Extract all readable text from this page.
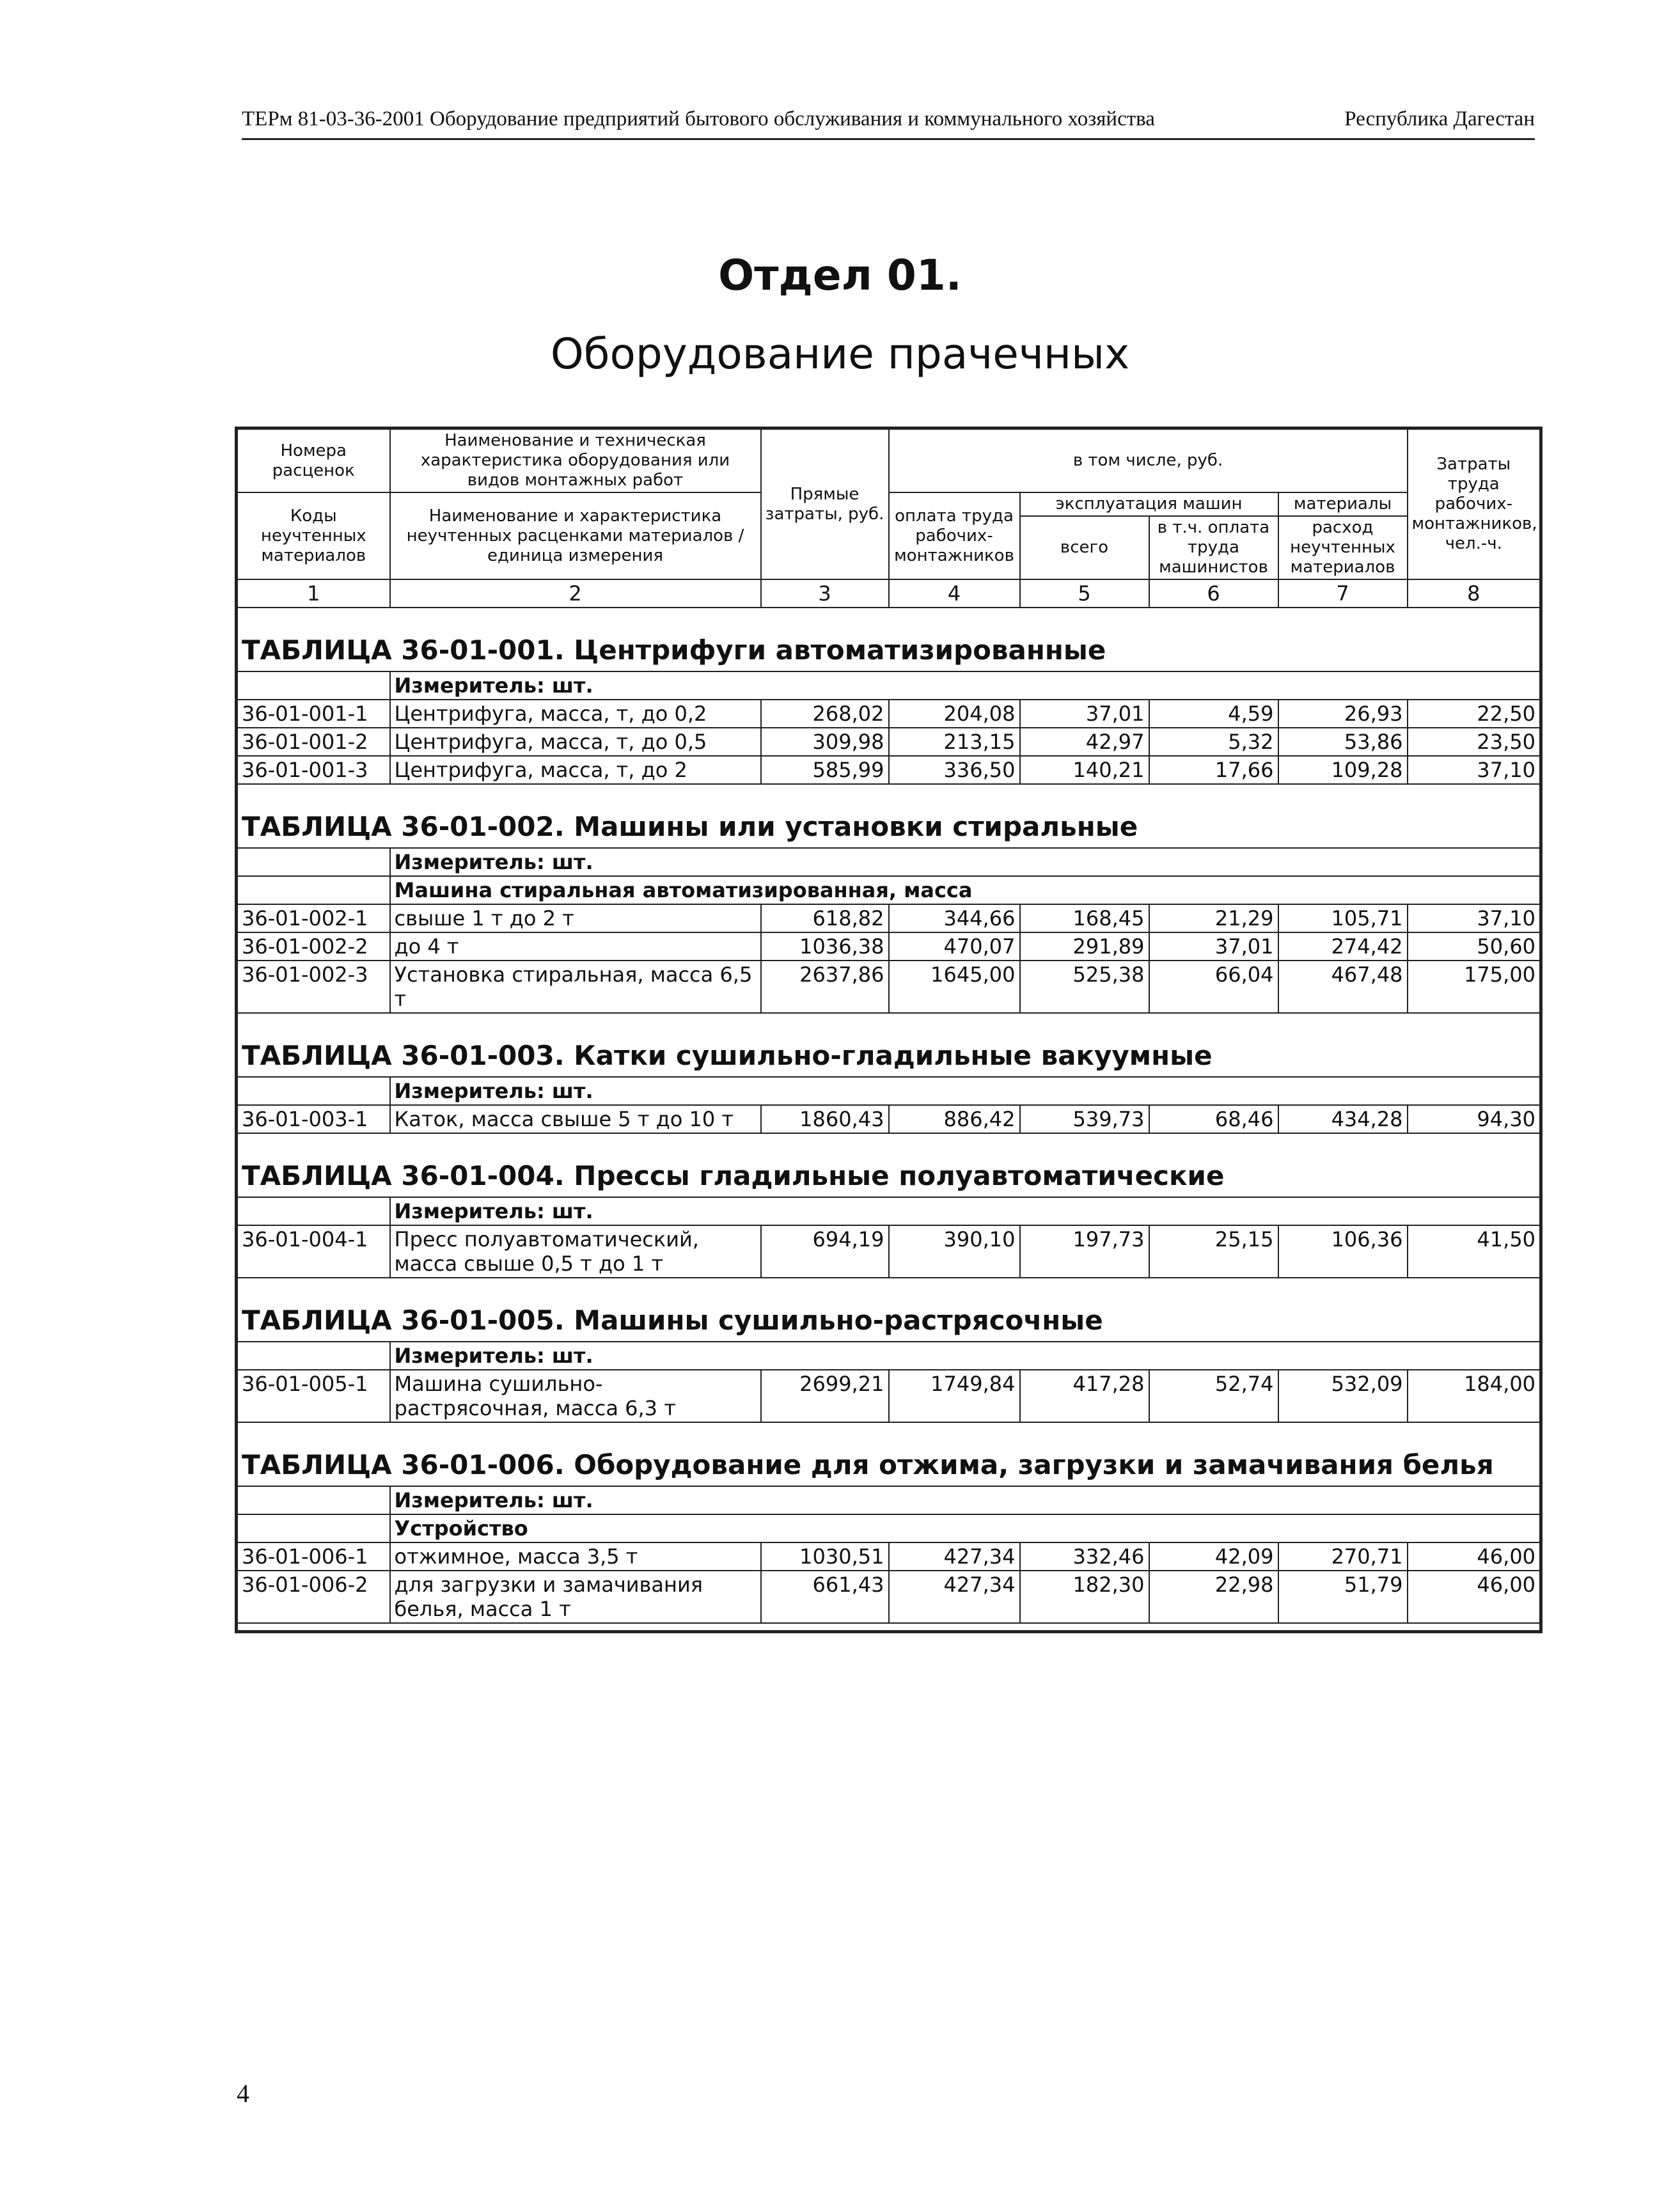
ТЕРм 81-03-36-2001 Оборудование предприятий бытового обслуживания и коммунального хозяйства	Республика Дагестан
Отдел 01.
Оборудование прачечных
Номера расценок	Наименование и техническая характеристика оборудования или видов монтажных работ	Прямые затраты, руб.	в том числе, руб.				Затраты труда рабочих-монтажников, чел.-ч.
Коды неучтенных материалов	Наименование и характеристика неучтенных расценками материалов / единица измерения		оплата труда рабочих-монтажников	эксплуатация машин		материалы	
				всего	в т.ч. оплата труда машинистов	расход неучтенных материалов	
1	2	3	4	5	6	7	8
ТАБЛИЦА 36-01-001. Центрифуги автоматизированные							
	Измеритель: шт.						
36-01-001-1	Центрифуга, масса, т, до 0,2	268,02	204,08	37,01	4,59	26,93	22,50
36-01-001-2	Центрифуга, масса, т, до 0,5	309,98	213,15	42,97	5,32	53,86	23,50
36-01-001-3	Центрифуга, масса, т, до 2	585,99	336,50	140,21	17,66	109,28	37,10
ТАБЛИЦА 36-01-002. Машины или установки стиральные							
	Измеритель: шт.						
	Машина стиральная автоматизированная, масса						
36-01-002-1	свыше 1 т до 2 т	618,82	344,66	168,45	21,29	105,71	37,10
36-01-002-2	до 4 т	1036,38	470,07	291,89	37,01	274,42	50,60
36-01-002-3	Установка стиральная, масса 6,5 т	2637,86	1645,00	525,38	66,04	467,48	175,00
ТАБЛИЦА 36-01-003. Катки сушильно-гладильные вакуумные							
	Измеритель: шт.						
36-01-003-1	Каток, масса свыше 5 т до 10 т	1860,43	886,42	539,73	68,46	434,28	94,30
ТАБЛИЦА 36-01-004. Прессы гладильные полуавтоматические							
	Измеритель: шт.						
36-01-004-1	Пресс полуавтоматический, масса свыше 0,5 т до 1 т	694,19	390,10	197,73	25,15	106,36	41,50
ТАБЛИЦА 36-01-005. Машины сушильно-растрясочные							
	Измеритель: шт.						
36-01-005-1	Машина сушильно-растрясочная, масса 6,3 т	2699,21	1749,84	417,28	52,74	532,09	184,00
ТАБЛИЦА 36-01-006. Оборудование для отжима, загрузки и замачивания белья							
	Измеритель: шт.						
	Устройство						
36-01-006-1	отжимное, масса 3,5 т	1030,51	427,34	332,46	42,09	270,71	46,00
36-01-006-2	для загрузки и замачивания белья, масса 1 т	661,43	427,34	182,30	22,98	51,79	46,00

4
